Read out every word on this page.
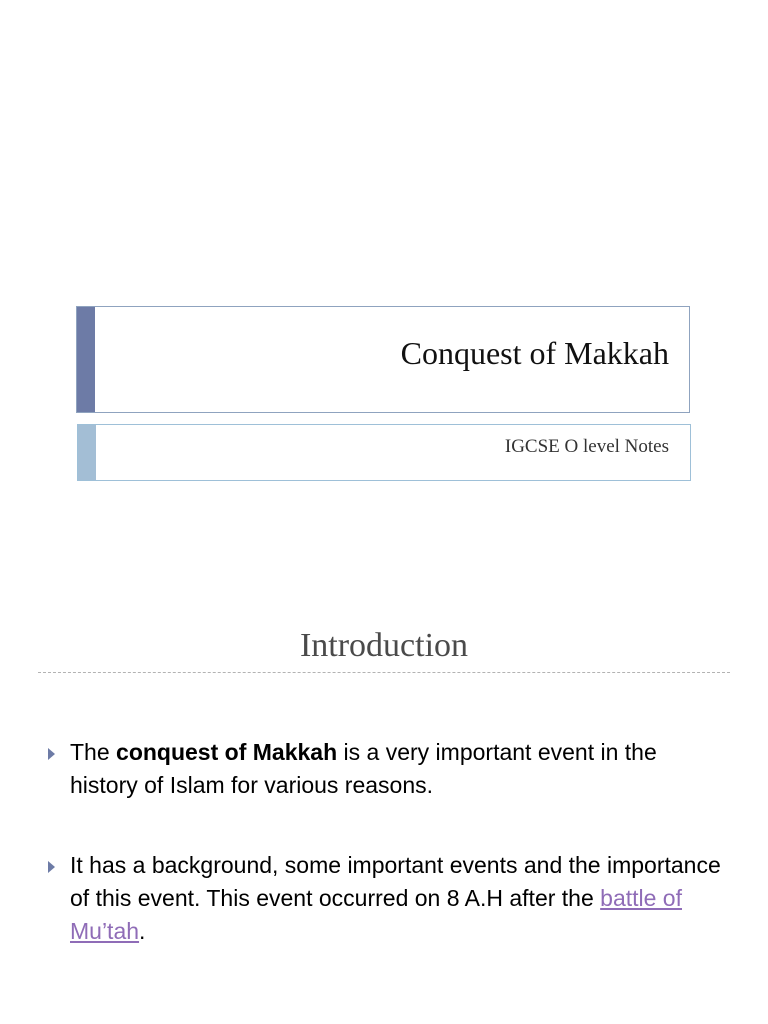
Conquest of Makkah
IGCSE O level Notes
Introduction
The conquest of Makkah is a very important event in the history of Islam for various reasons.
It has a background, some important events and the importance of this event. This event occurred on 8 A.H after the battle of Mu’tah.
